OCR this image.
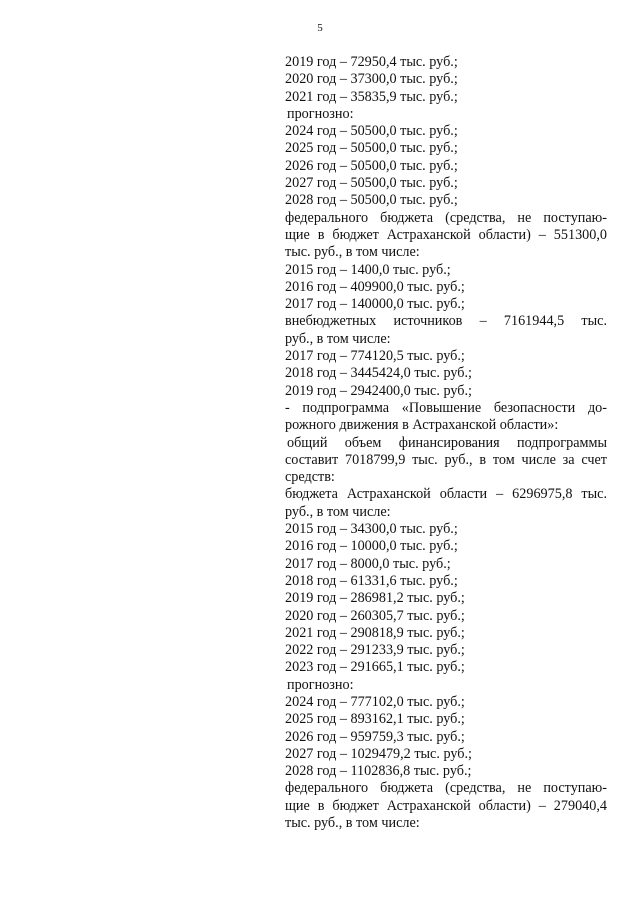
5
2019 год – 72950,4 тыс. руб.;
2020 год – 37300,0 тыс. руб.;
2021 год – 35835,9 тыс. руб.;
прогнозно:
2024 год – 50500,0 тыс. руб.;
2025 год – 50500,0 тыс. руб.;
2026 год – 50500,0 тыс. руб.;
2027 год – 50500,0 тыс. руб.;
2028 год – 50500,0 тыс. руб.;
федерального бюджета (средства, не поступаю-
щие в бюджет Астраханской области) – 551300,0
тыс. руб., в том числе:
2015 год – 1400,0 тыс. руб.;
2016 год – 409900,0 тыс. руб.;
2017 год – 140000,0 тыс. руб.;
внебюджетных источников – 7161944,5 тыс.
руб., в том числе:
2017 год – 774120,5 тыс. руб.;
2018 год – 3445424,0 тыс. руб.;
2019 год – 2942400,0 тыс. руб.;
- подпрограмма «Повышение безопасности до-
рожного движения в Астраханской области»:
общий объем финансирования подпрограммы
составит 7018799,9 тыс. руб., в том числе за счет
средств:
бюджета Астраханской области – 6296975,8 тыс.
руб., в том числе:
2015 год – 34300,0 тыс. руб.;
2016 год – 10000,0 тыс. руб.;
2017 год – 8000,0 тыс. руб.;
2018 год – 61331,6 тыс. руб.;
2019 год – 286981,2 тыс. руб.;
2020 год – 260305,7 тыс. руб.;
2021 год – 290818,9 тыс. руб.;
2022 год – 291233,9 тыс. руб.;
2023 год – 291665,1 тыс. руб.;
прогнозно:
2024 год – 777102,0 тыс. руб.;
2025 год – 893162,1 тыс. руб.;
2026 год – 959759,3 тыс. руб.;
2027 год – 1029479,2 тыс. руб.;
2028 год – 1102836,8 тыс. руб.;
федерального бюджета (средства, не поступаю-
щие в бюджет Астраханской области) – 279040,4
тыс. руб., в том числе:
